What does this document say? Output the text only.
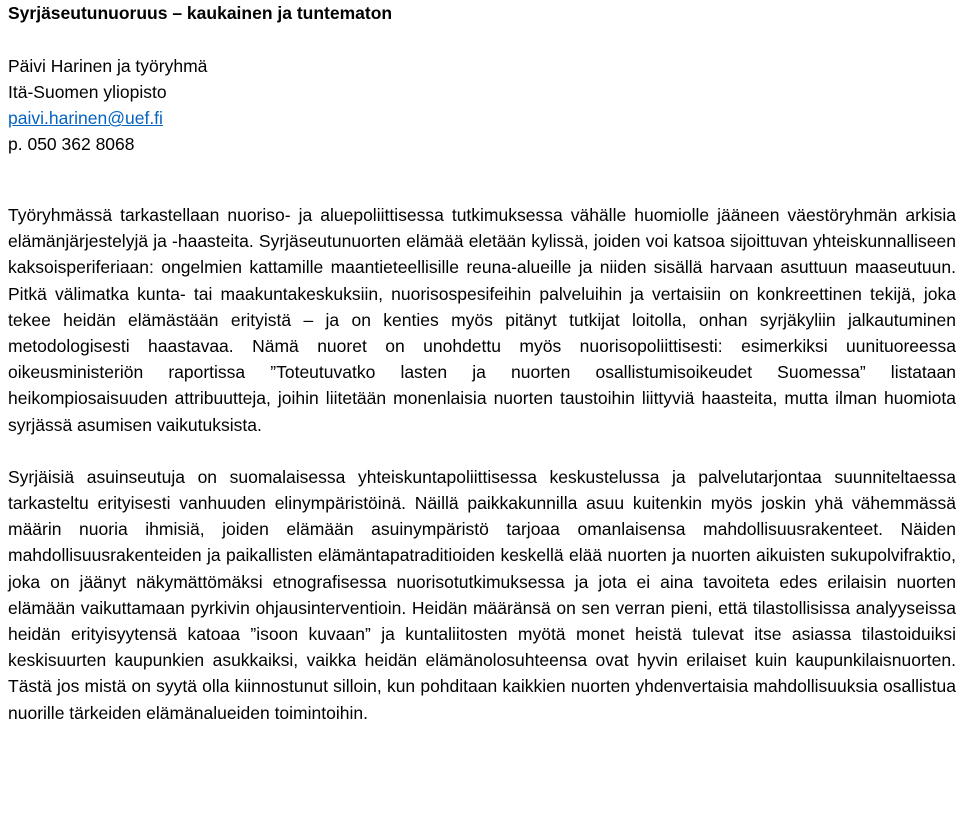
Syrjäseutunuoruus – kaukainen ja tuntematon
Päivi Harinen ja työryhmä
Itä-Suomen yliopisto
paivi.harinen@uef.fi
p. 050 362 8068

Työryhmässä tarkastellaan nuoriso- ja aluepoliittisessa tutkimuksessa vähälle huomiolle jääneen väestöryhmän arkisia elämänjärjestelyjä ja -haasteita. Syrjäseutunuorten elämää eletään kylissä, joiden voi katsoa sijoittuvan yhteiskunnalliseen kaksoisperiferiaan: ongelmien kattamille maantieteellisille reuna-alueille ja niiden sisällä harvaan asuttuun maaseutuun. Pitkä välimatka kunta- tai maakuntakeskuksiin, nuorisospesifeihin palveluihin ja vertaisiin on konkreettinen tekijä, joka tekee heidän elämästään erityistä – ja on kenties myös pitänyt tutkijat loitolla, onhan syrjäkyliin jalkautuminen metodologisesti haastavaa. Nämä nuoret on unohdettu myös nuorisopoliittisesti: esimerkiksi uunituoreessa oikeusministeriön raportissa ”Toteutuvatko lasten ja nuorten osallistumisoikeudet Suomessa” listataan heikompiosaisuuden attribuutteja, joihin liitetään monenlaisia nuorten taustoihin liittyviä haasteita, mutta ilman huomiota syrjässä asumisen vaikutuksista.

Syrjäisiä asuinseutuja on suomalaisessa yhteiskuntapoliittisessa keskustelussa ja palvelutarjontaa suunniteltaessa tarkasteltu erityisesti vanhuuden elinympäristöinä. Näillä paikkakunnilla asuu kuitenkin myös joskin yhä vähemmässä määrin nuoria ihmisiä, joiden elämään asuinympäristö tarjoaa omanlaisensa mahdollisuusrakenteet. Näiden mahdollisuusrakenteiden ja paikallisten elämäntapatraditioiden keskellä elää nuorten ja nuorten aikuisten sukupolvifraktio, joka on jäänyt näkymättömäksi etnografisessa nuorisotutkimuksessa ja jota ei aina tavoiteta edes erilaisin nuorten elämään vaikuttamaan pyrkivin ohjausinterventioin. Heidän määränsä on sen verran pieni, että tilastollisissa analyyseissa heidän erityisyytensä katoaa ”isoon kuvaan” ja kuntaliitosten myötä monet heistä tulevat itse asiassa tilastoiduiksi keskisuurten kaupunkien asukkaiksi, vaikka heidän elämänolosuhteensa ovat hyvin erilaiset kuin kaupunkilaisnuorten. Tästä jos mistä on syytä olla kiinnostunut silloin, kun pohditaan kaikkien nuorten yhdenvertaisia mahdollisuuksia osallistua nuorille tärkeiden elämänalueiden toimintoihin.
